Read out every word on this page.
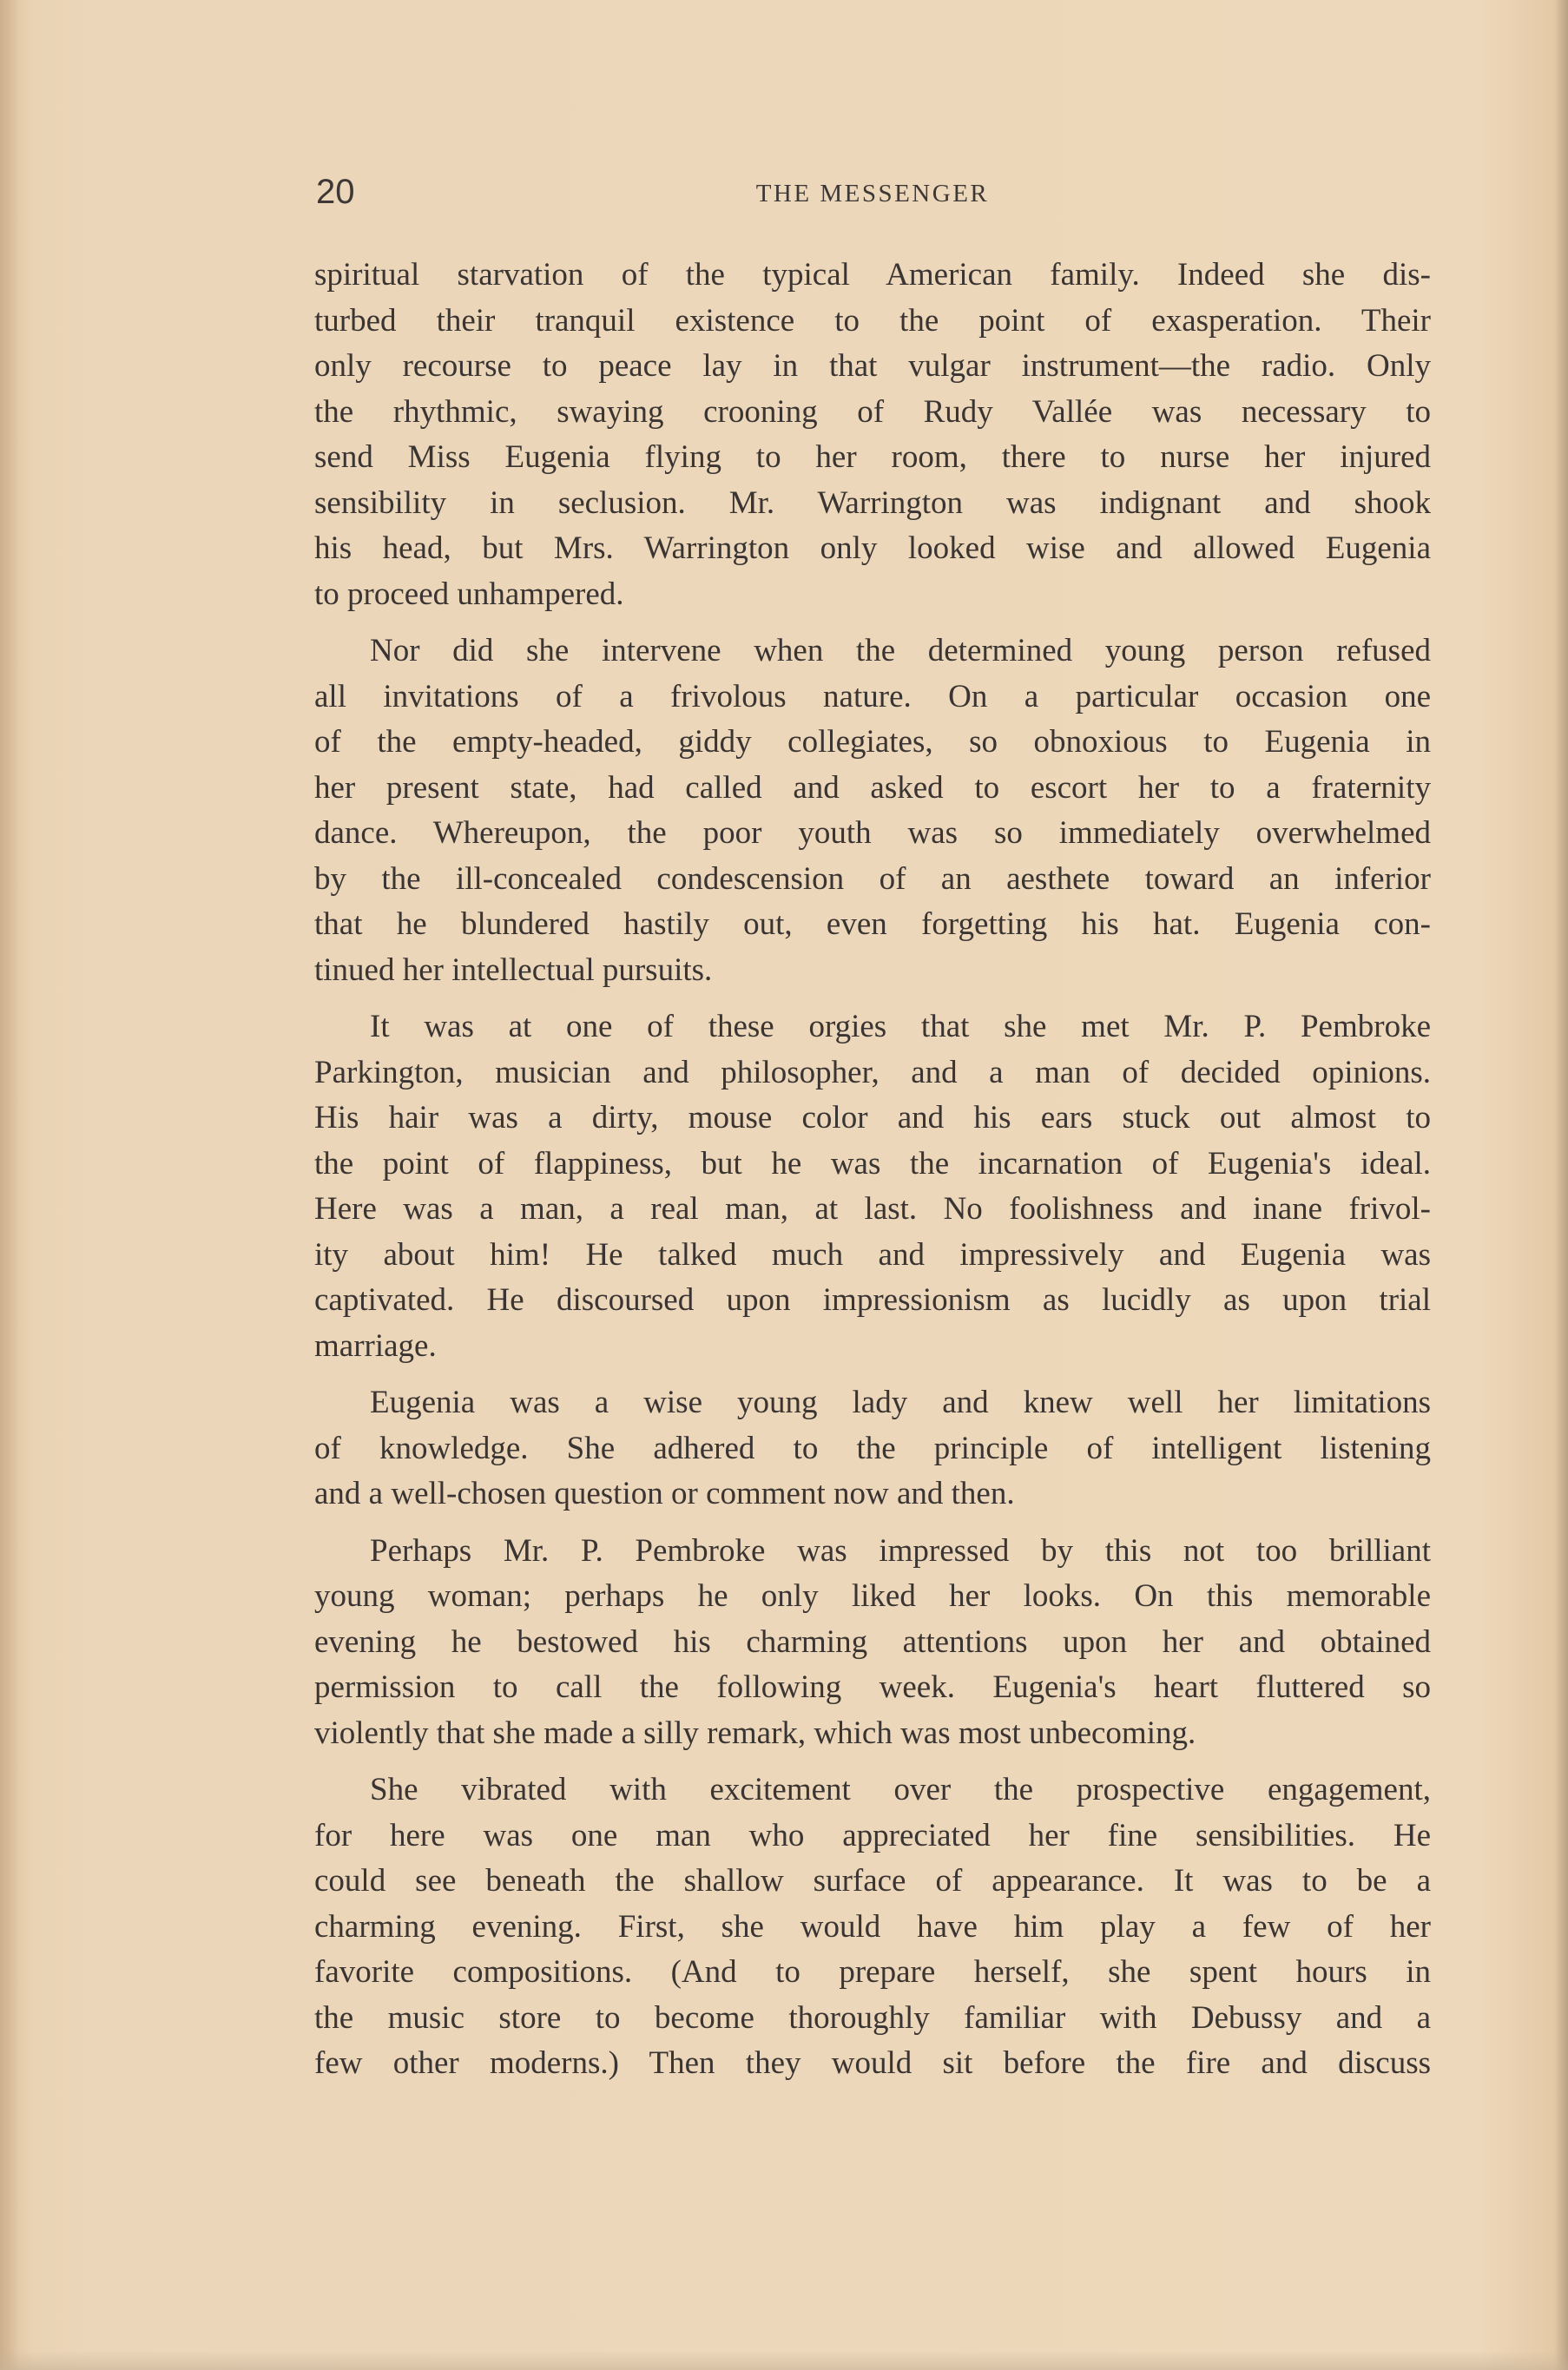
20	THE MESSENGER
spiritual starvation of the typical American family. Indeed she dis-
turbed their tranquil existence to the point of exasperation. Their
only recourse to peace lay in that vulgar instrument—the radio. Only
the rhythmic, swaying crooning of Rudy Vallée was necessary to
send Miss Eugenia flying to her room, there to nurse her injured
sensibility in seclusion. Mr. Warrington was indignant and shook
his head, but Mrs. Warrington only looked wise and allowed Eugenia
to proceed unhampered.
Nor did she intervene when the determined young person refused
all invitations of a frivolous nature. On a particular occasion one
of the empty-headed, giddy collegiates, so obnoxious to Eugenia in
her present state, had called and asked to escort her to a fraternity
dance. Whereupon, the poor youth was so immediately overwhelmed
by the ill-concealed condescension of an aesthete toward an inferior
that he blundered hastily out, even forgetting his hat. Eugenia con-
tinued her intellectual pursuits.
It was at one of these orgies that she met Mr. P. Pembroke
Parkington, musician and philosopher, and a man of decided opinions.
His hair was a dirty, mouse color and his ears stuck out almost to
the point of flappiness, but he was the incarnation of Eugenia's ideal.
Here was a man, a real man, at last. No foolishness and inane frivol-
ity about him! He talked much and impressively and Eugenia was
captivated. He discoursed upon impressionism as lucidly as upon trial
marriage.
Eugenia was a wise young lady and knew well her limitations
of knowledge. She adhered to the principle of intelligent listening
and a well-chosen question or comment now and then.
Perhaps Mr. P. Pembroke was impressed by this not too brilliant
young woman; perhaps he only liked her looks. On this memorable
evening he bestowed his charming attentions upon her and obtained
permission to call the following week. Eugenia's heart fluttered so
violently that she made a silly remark, which was most unbecoming.
She vibrated with excitement over the prospective engagement,
for here was one man who appreciated her fine sensibilities. He
could see beneath the shallow surface of appearance. It was to be a
charming evening. First, she would have him play a few of her
favorite compositions. (And to prepare herself, she spent hours in
the music store to become thoroughly familiar with Debussy and a
few other moderns.) Then they would sit before the fire and discuss
